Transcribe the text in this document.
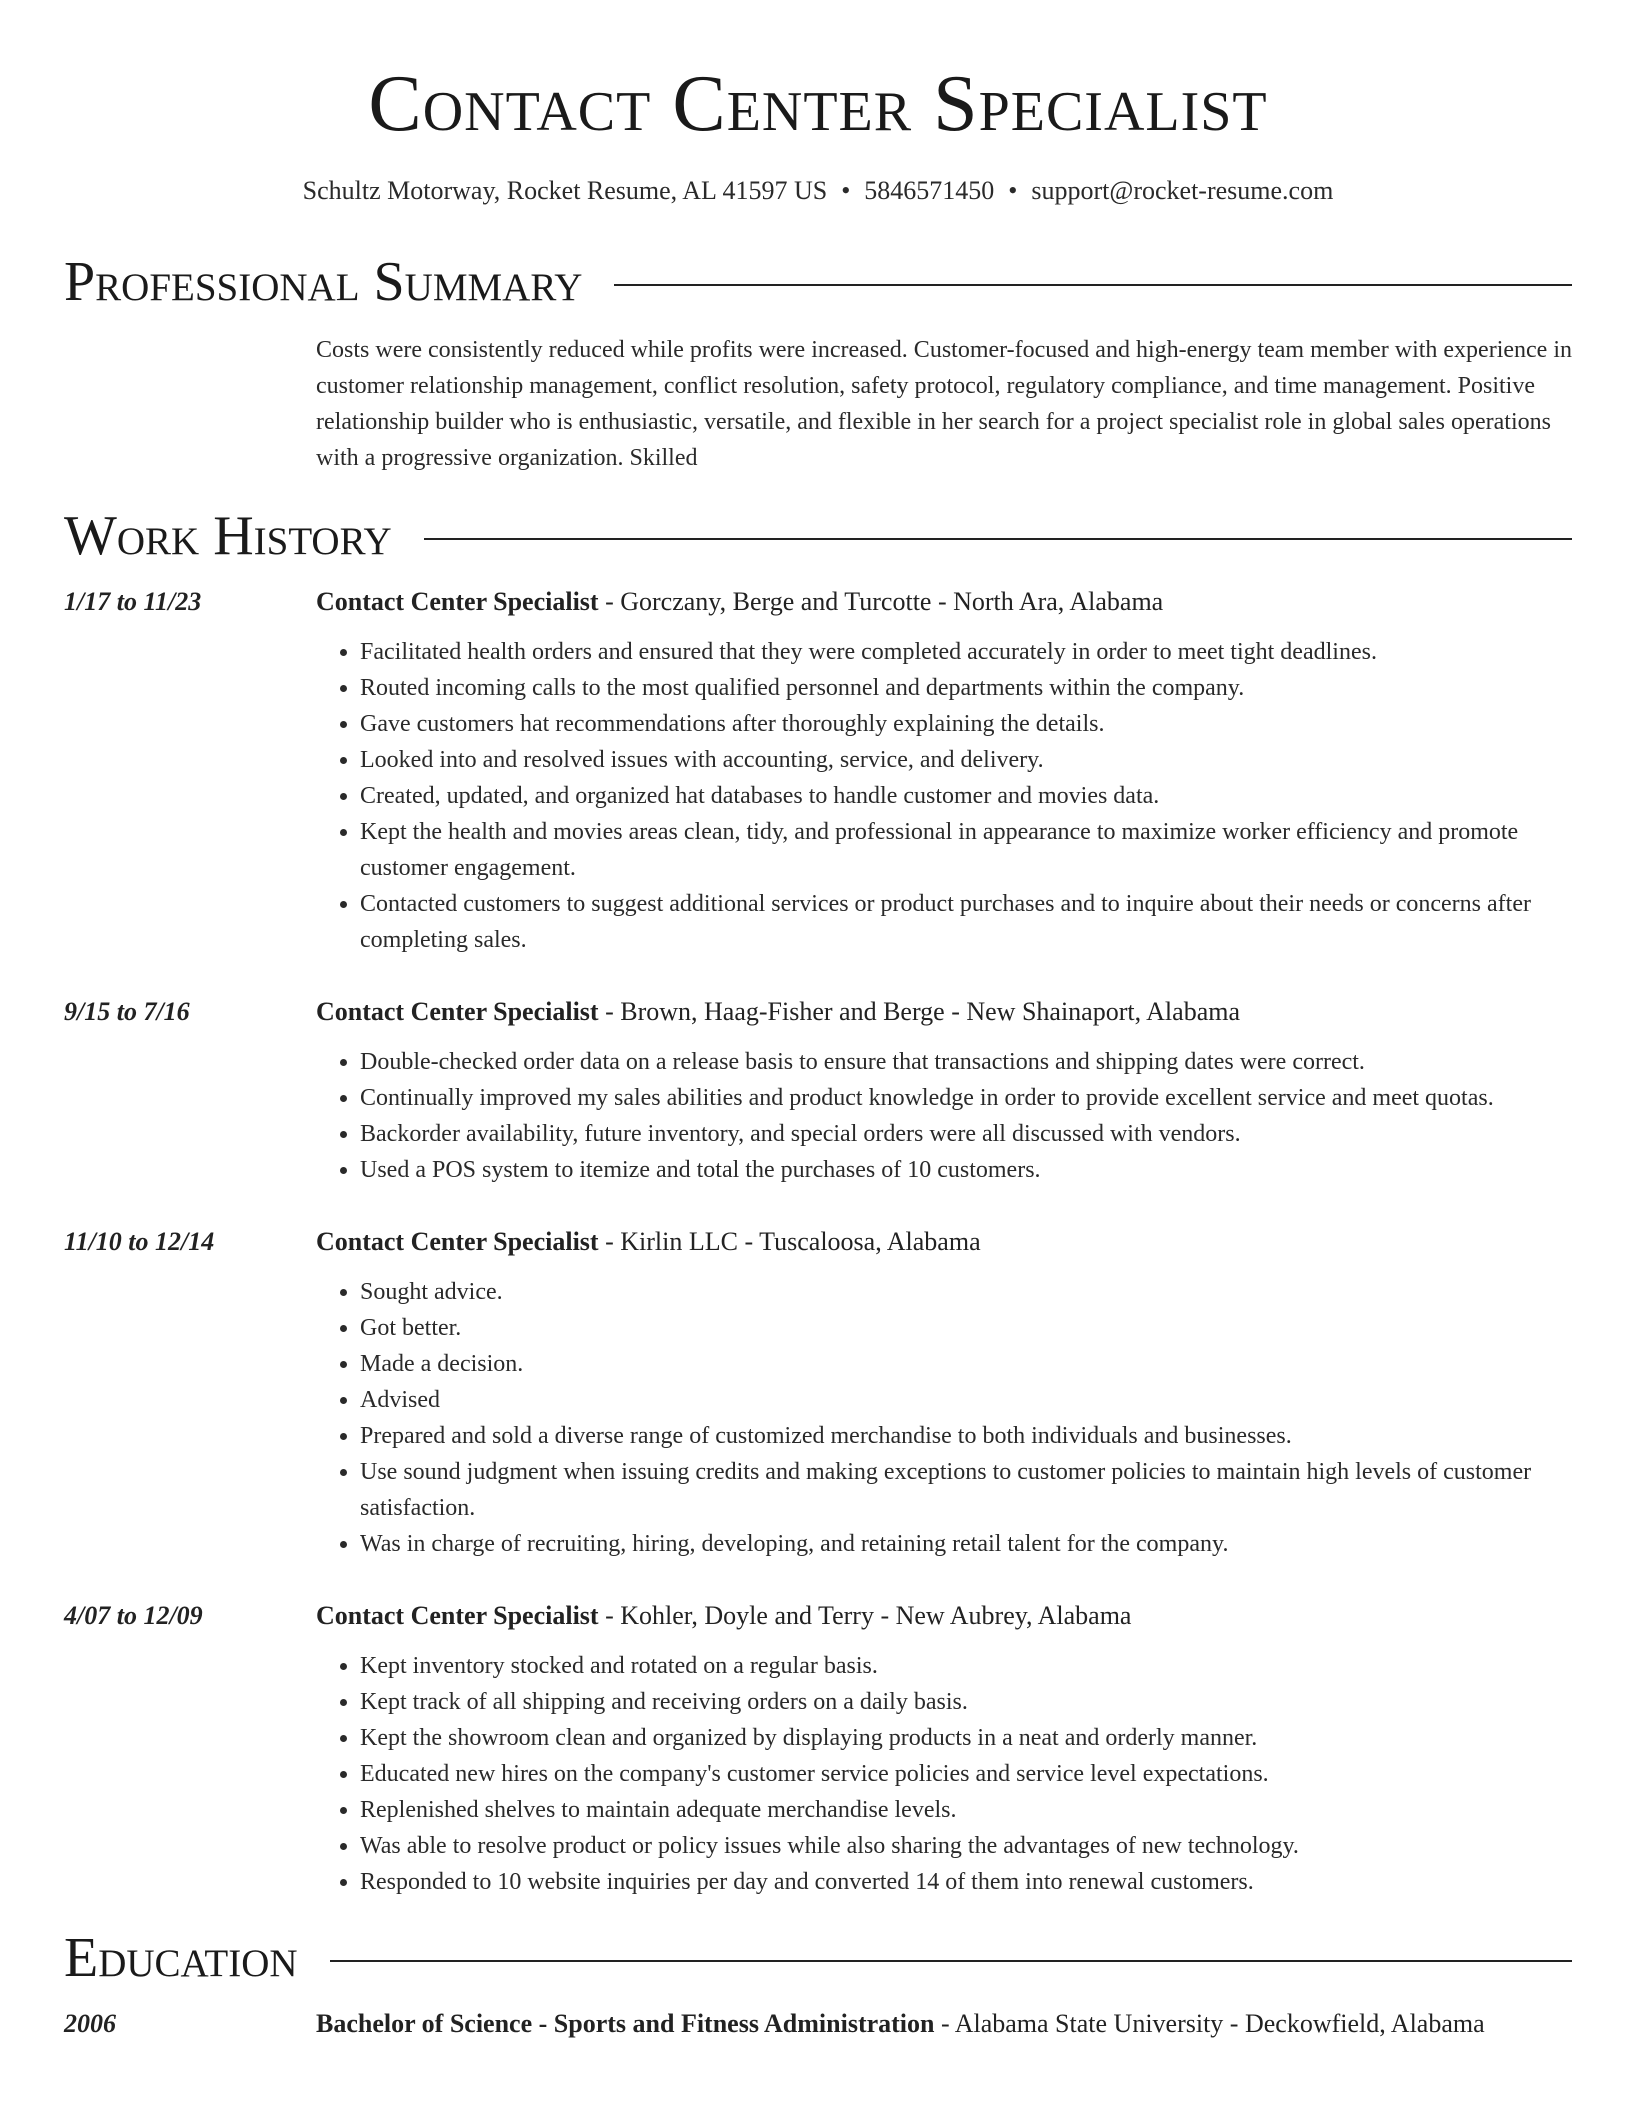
Contact Center Specialist
Schultz Motorway, Rocket Resume, AL 41597 US • 5846571450 • support@rocket-resume.com
Professional Summary
Costs were consistently reduced while profits were increased. Customer-focused and high-energy team member with experience in customer relationship management, conflict resolution, safety protocol, regulatory compliance, and time management. Positive relationship builder who is enthusiastic, versatile, and flexible in her search for a project specialist role in global sales operations with a progressive organization. Skilled
Work History
1/17 to 11/23	Contact Center Specialist - Gorczany, Berge and Turcotte - North Ara, Alabama
• Facilitated health orders and ensured that they were completed accurately in order to meet tight deadlines.
• Routed incoming calls to the most qualified personnel and departments within the company.
• Gave customers hat recommendations after thoroughly explaining the details.
• Looked into and resolved issues with accounting, service, and delivery.
• Created, updated, and organized hat databases to handle customer and movies data.
• Kept the health and movies areas clean, tidy, and professional in appearance to maximize worker efficiency and promote customer engagement.
• Contacted customers to suggest additional services or product purchases and to inquire about their needs or concerns after completing sales.
9/15 to 7/16	Contact Center Specialist - Brown, Haag-Fisher and Berge - New Shainaport, Alabama
• Double-checked order data on a release basis to ensure that transactions and shipping dates were correct.
• Continually improved my sales abilities and product knowledge in order to provide excellent service and meet quotas.
• Backorder availability, future inventory, and special orders were all discussed with vendors.
• Used a POS system to itemize and total the purchases of 10 customers.
11/10 to 12/14	Contact Center Specialist - Kirlin LLC - Tuscaloosa, Alabama
• Sought advice.
• Got better.
• Made a decision.
• Advised
• Prepared and sold a diverse range of customized merchandise to both individuals and businesses.
• Use sound judgment when issuing credits and making exceptions to customer policies to maintain high levels of customer satisfaction.
• Was in charge of recruiting, hiring, developing, and retaining retail talent for the company.
4/07 to 12/09	Contact Center Specialist - Kohler, Doyle and Terry - New Aubrey, Alabama
• Kept inventory stocked and rotated on a regular basis.
• Kept track of all shipping and receiving orders on a daily basis.
• Kept the showroom clean and organized by displaying products in a neat and orderly manner.
• Educated new hires on the company's customer service policies and service level expectations.
• Replenished shelves to maintain adequate merchandise levels.
• Was able to resolve product or policy issues while also sharing the advantages of new technology.
• Responded to 10 website inquiries per day and converted 14 of them into renewal customers.
Education
2006	Bachelor of Science - Sports and Fitness Administration - Alabama State University - Deckowfield, Alabama
